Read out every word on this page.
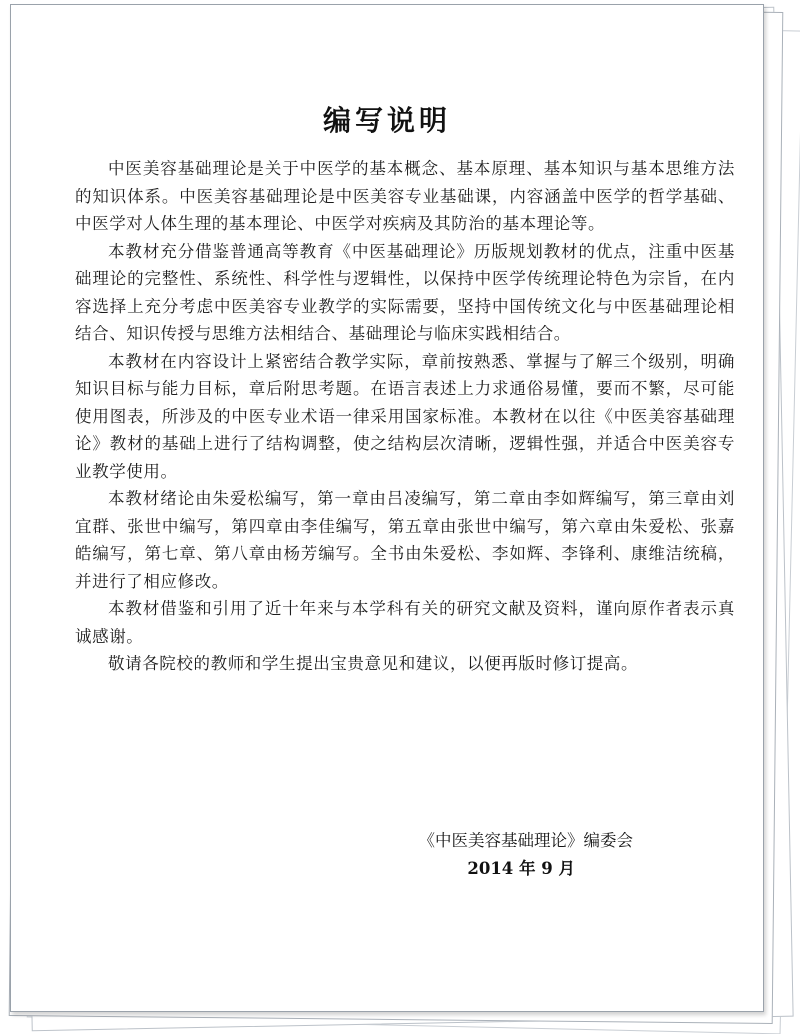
编写说明

中医美容基础理论是关于中医学的基本概念、基本原理、基本知识与基本思维方法的知识体系。中医美容基础理论是中医美容专业基础课，内容涵盖中医学的哲学基础、中医学对人体生理的基本理论、中医学对疾病及其防治的基本理论等。

本教材充分借鉴普通高等教育《中医基础理论》历版规划教材的优点，注重中医基础理论的完整性、系统性、科学性与逻辑性，以保持中医学传统理论特色为宗旨，在内容选择上充分考虑中医美容专业教学的实际需要，坚持中国传统文化与中医基础理论相结合、知识传授与思维方法相结合、基础理论与临床实践相结合。

本教材在内容设计上紧密结合教学实际，章前按熟悉、掌握与了解三个级别，明确知识目标与能力目标，章后附思考题。在语言表述上力求通俗易懂，要而不繁，尽可能使用图表，所涉及的中医专业术语一律采用国家标准。本教材在以往《中医美容基础理论》教材的基础上进行了结构调整，使之结构层次清晰，逻辑性强，并适合中医美容专业教学使用。

本教材绪论由朱爱松编写，第一章由吕凌编写，第二章由李如辉编写，第三章由刘宜群、张世中编写，第四章由李佳编写，第五章由张世中编写，第六章由朱爱松、张嘉皓编写，第七章、第八章由杨芳编写。全书由朱爱松、李如辉、李锋利、康维洁统稿，并进行了相应修改。

本教材借鉴和引用了近十年来与本学科有关的研究文献及资料，谨向原作者表示真诚感谢。

敬请各院校的教师和学生提出宝贵意见和建议，以便再版时修订提高。

《中医美容基础理论》编委会
2014 年 9 月
